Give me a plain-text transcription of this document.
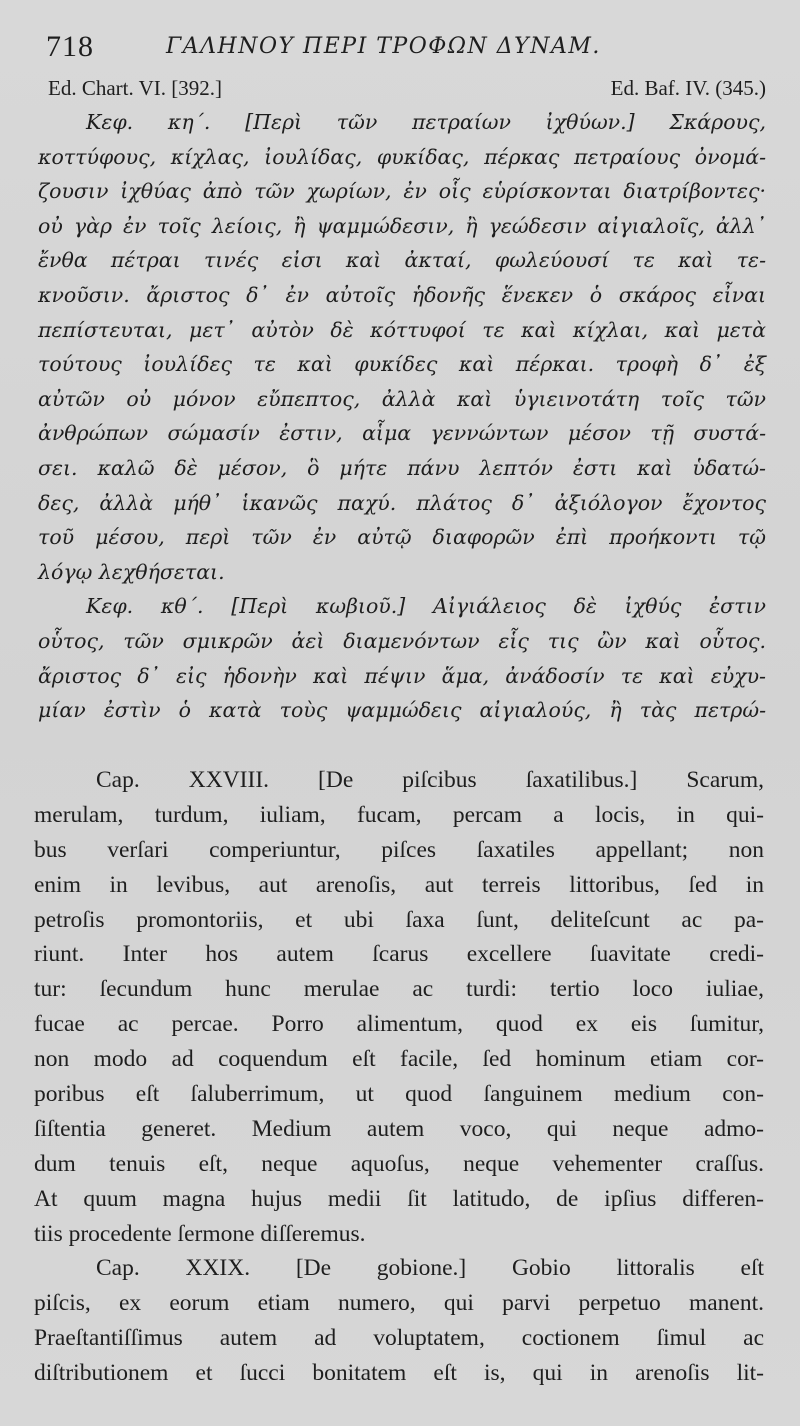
718	ΓΑΛΗΝΟΥ ΠΕΡΙ ΤΡΟΦΩΝ ΔΥΝΑΜ.
Ed. Chart. VI. [392.]	Ed. Baf. IV. (345.)
Κεφ. κη΄. [Περὶ τῶν πετραίων ἰχθύων.] Σκάρους,
κοττύφους, κίχλας, ἰουλίδας, φυκίδας, πέρκας πετραίους ὀνομά-
ζουσιν ἰχθύας ἀπὸ τῶν χωρίων, ἐν οἷς εὑρίσκονται διατρίβοντες·
οὐ γὰρ ἐν τοῖς λείοις, ἢ ψαμμώδεσιν, ἢ γεώδεσιν αἰγιαλοῖς, ἀλλ᾽
ἔνθα πέτραι τινές εἰσι καὶ ἀκταί, φωλεύουσί τε καὶ τε-
κνοῦσιν. ἄριστος δ᾽ ἐν αὐτοῖς ἡδονῆς ἕνεκεν ὁ σκάρος εἶναι
πεπίστευται, μετ᾽ αὐτὸν δὲ κόττυφοί τε καὶ κίχλαι, καὶ μετὰ
τούτους ἰουλίδες τε καὶ φυκίδες καὶ πέρκαι. τροφὴ δ᾽ ἐξ
αὐτῶν οὐ μόνον εὔπεπτος, ἀλλὰ καὶ ὑγιεινοτάτη τοῖς τῶν
ἀνθρώπων σώμασίν ἐστιν, αἷμα γεννώντων μέσον τῇ συστά-
σει. καλῶ δὲ μέσον, ὃ μήτε πάνυ λεπτόν ἐστι καὶ ὑδατώ-
δες, ἀλλὰ μήθ᾽ ἱκανῶς παχύ. πλάτος δ᾽ ἀξιόλογον ἔχοντος
τοῦ μέσου, περὶ τῶν ἐν αὐτῷ διαφορῶν ἐπὶ προήκοντι τῷ
λόγῳ λεχθήσεται.
Κεφ. κθ΄. [Περὶ κωβιοῦ.] Αἰγιάλειος δὲ ἰχθύς ἐστιν
οὗτος, τῶν σμικρῶν ἀεὶ διαμενόντων εἷς τις ὢν καὶ οὗτος.
ἄριστος δ᾽ εἰς ἡδονὴν καὶ πέψιν ἅμα, ἀνάδοσίν τε καὶ εὐχυ-
μίαν ἐστὶν ὁ κατὰ τοὺς ψαμμώδεις αἰγιαλούς, ἢ τὰς πετρώ-
Cap. XXVIII. [De piſcibus ſaxatilibus.] Scarum,
merulam, turdum, iuliam, fucam, percam a locis, in qui-
bus verſari comperiuntur, piſces ſaxatiles appellant; non
enim in levibus, aut arenoſis, aut terreis littoribus, ſed in
petroſis promontoriis, et ubi ſaxa ſunt, deliteſcunt ac pa-
riunt. Inter hos autem ſcarus excellere ſuavitate credi-
tur: ſecundum hunc merulae ac turdi: tertio loco iuliae,
fucae ac percae. Porro alimentum, quod ex eis ſumitur,
non modo ad coquendum eſt facile, ſed hominum etiam cor-
poribus eſt ſaluberrimum, ut quod ſanguinem medium con-
ſiſtentia generet. Medium autem voco, qui neque admo-
dum tenuis eſt, neque aquoſus, neque vehementer craſſus.
At quum magna hujus medii ſit latitudo, de ipſius differen-
tiis procedente ſermone diſſeremus.
Cap. XXIX. [De gobione.] Gobio littoralis eſt
piſcis, ex eorum etiam numero, qui parvi perpetuo manent.
Praeſtantiſſimus autem ad voluptatem, coctionem ſimul ac
diſtributionem et ſucci bonitatem eſt is, qui in arenoſis lit-
